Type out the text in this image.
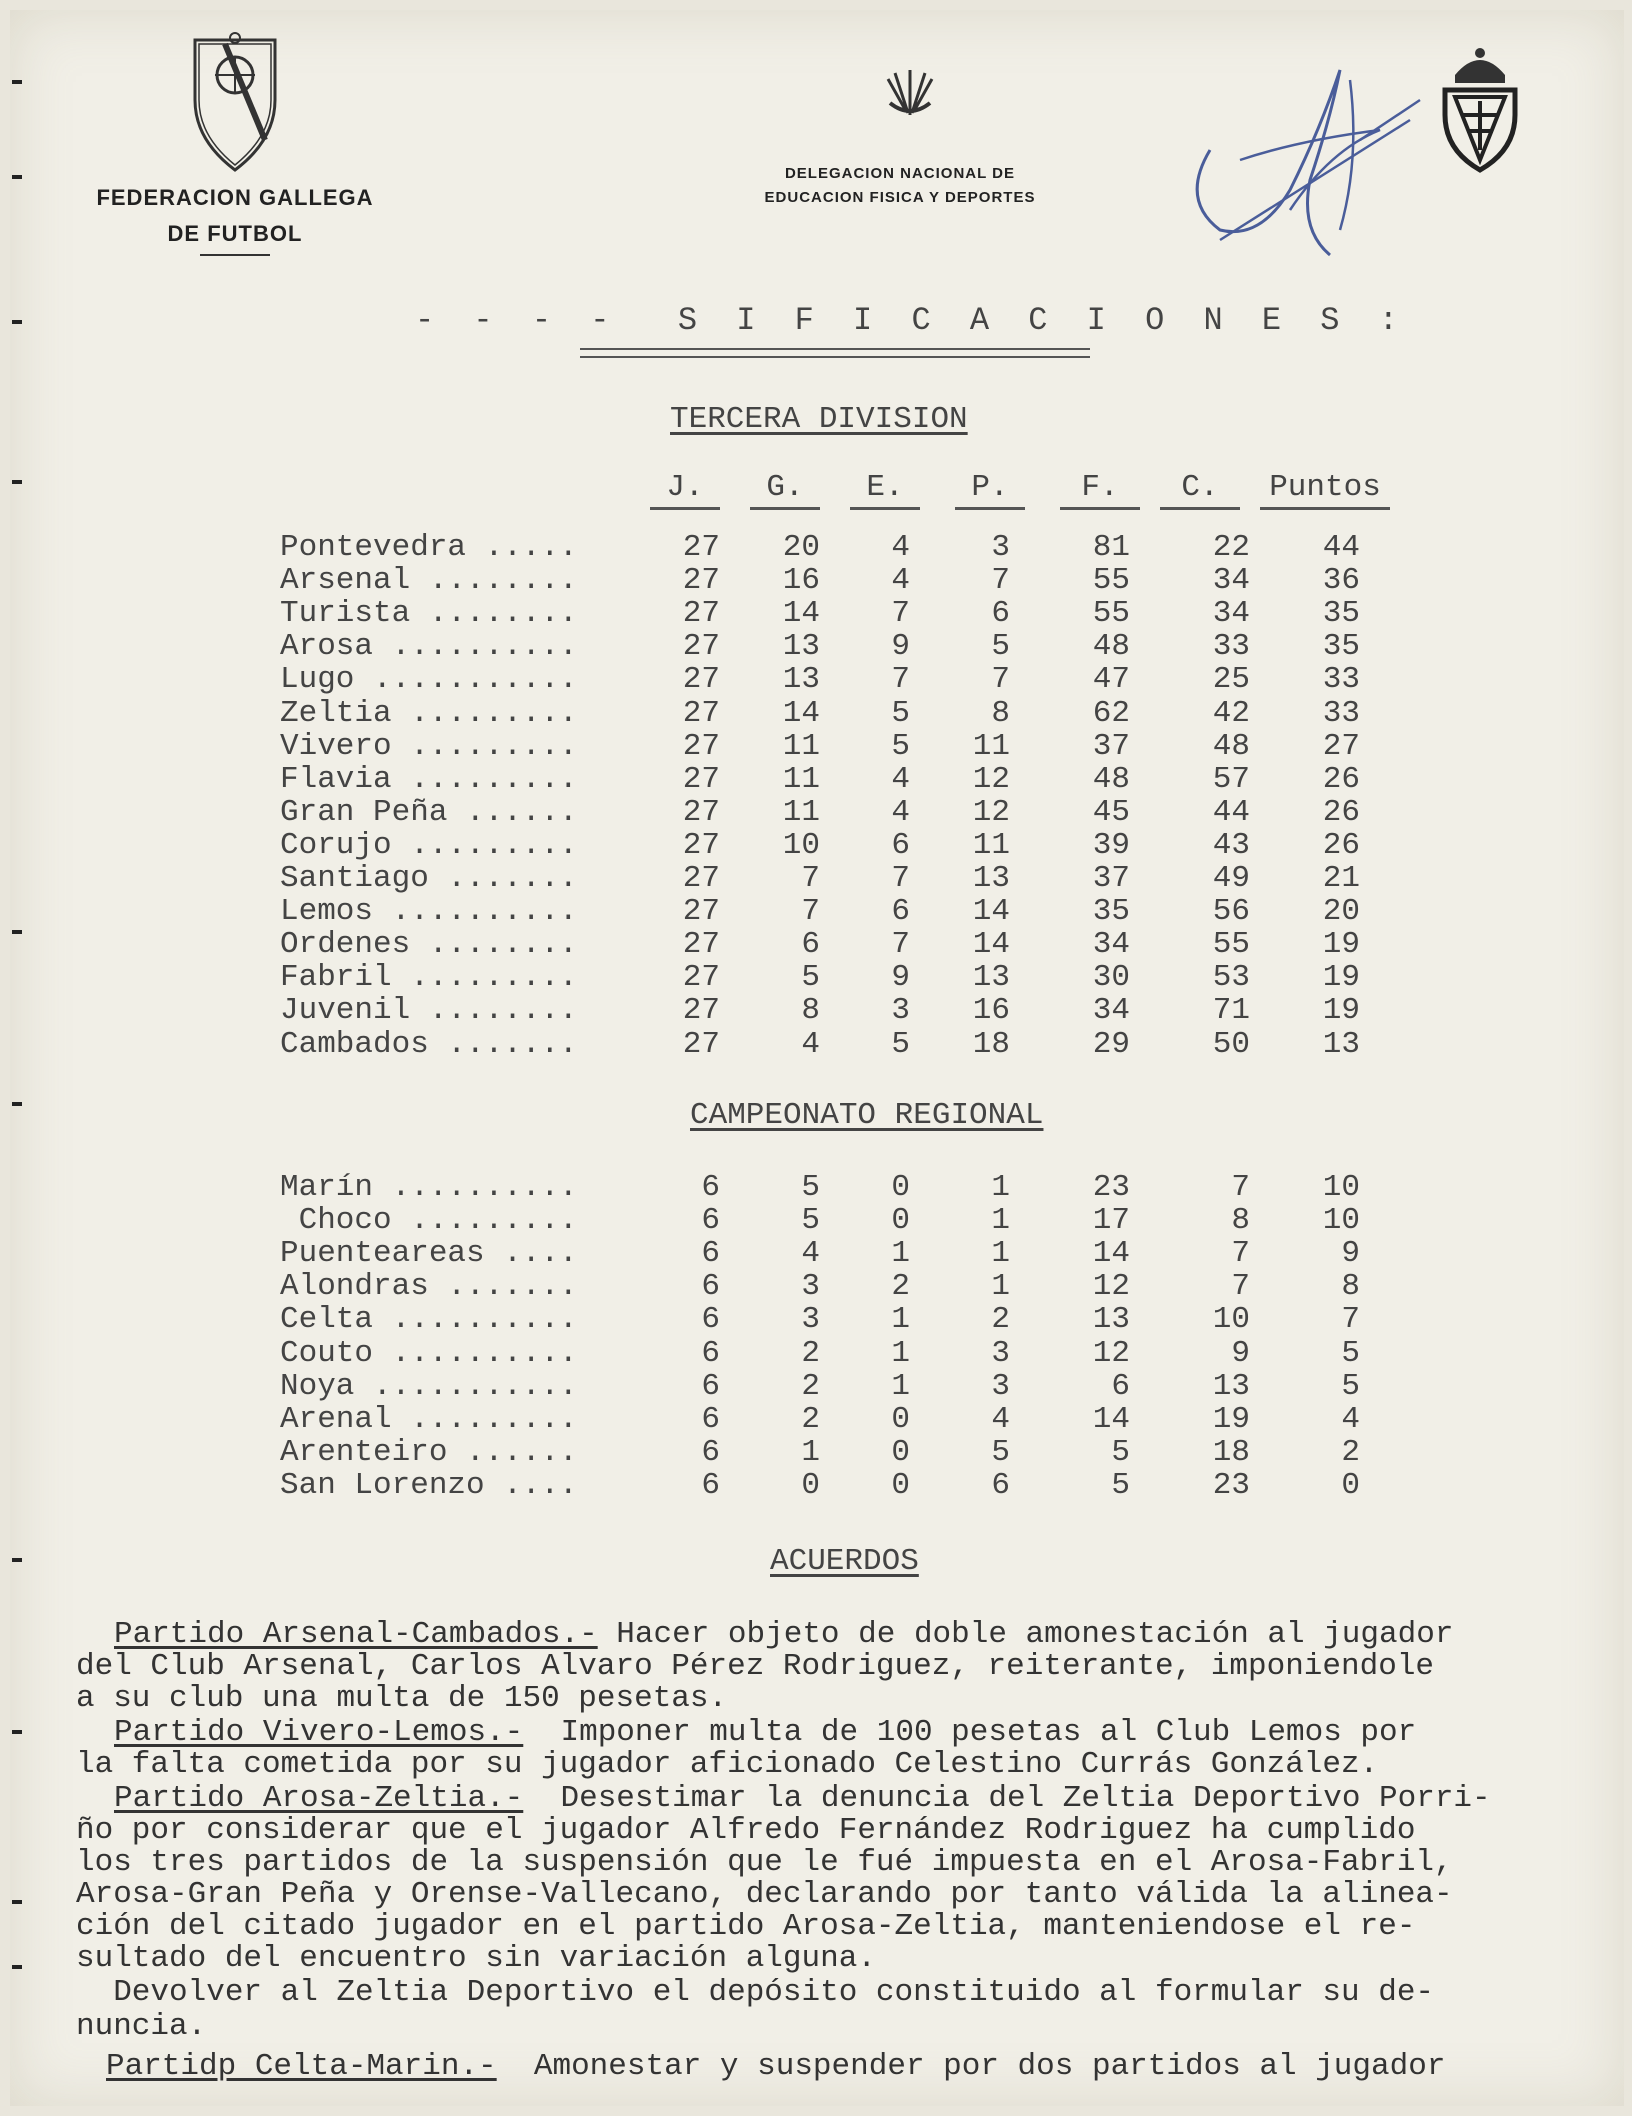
FEDERACION GALLEGA
DE FUTBOL
DELEGACION NACIONAL DE
EDUCACION FISICA Y DEPORTES
- - - -  S I F I C A C I O N E S :
TERCERA DIVISION
J.	G.	E.	P.	F.	C.	Puntos
Pontevedra .....	27	20	4	3	81	22	44
Arsenal ........	27	16	4	7	55	34	36
Turista ........	27	14	7	6	55	34	35
Arosa ..........	27	13	9	5	48	33	35
Lugo ...........	27	13	7	7	47	25	33
Zeltia .........	27	14	5	8	62	42	33
Vivero .........	27	11	5	11	37	48	27
Flavia .........	27	11	4	12	48	57	26
Gran Peña ......	27	11	4	12	45	44	26
Corujo .........	27	10	6	11	39	43	26
Santiago .......	27	7	7	13	37	49	21
Lemos ..........	27	7	6	14	35	56	20
Ordenes ........	27	6	7	14	34	55	19
Fabril .........	27	5	9	13	30	53	19
Juvenil ........	27	8	3	16	34	71	19
Cambados .......	27	4	5	18	29	50	13
CAMPEONATO REGIONAL
Marín ..........	6	5	0	1	23	7	10
Choco .........	6	5	0	1	17	8	10
Puenteareas ....	6	4	1	1	14	7	9
Alondras .......	6	3	2	1	12	7	8
Celta ..........	6	3	1	2	13	10	7
Couto ..........	6	2	1	3	12	9	5
Noya ...........	6	2	1	3	6	13	5
Arenal .........	6	2	0	4	14	19	4
Arenteiro ......	6	1	0	5	5	18	2
San Lorenzo ....	6	0	0	6	5	23	0
ACUERDOS
Partido Arsenal-Cambados.- Hacer objeto de doble amonestación al jugador
del Club Arsenal, Carlos Alvaro Pérez Rodriguez, reiterante, imponiendole
a su club una multa de 150 pesetas.
Partido Vivero-Lemos.-  Imponer multa de 100 pesetas al Club Lemos por
la falta cometida por su jugador aficionado Celestino Currás González.
Partido Arosa-Zeltia.-  Desestimar la denuncia del Zeltia Deportivo Porri-
ño por considerar que el jugador Alfredo Fernández Rodriguez ha cumplido
los tres partidos de la suspensión que le fué impuesta en el Arosa-Fabril,
Arosa-Gran Peña y Orense-Vallecano, declarando por tanto válida la alinea-
ción del citado jugador en el partido Arosa-Zeltia, manteniendose el re-
sultado del encuentro sin variación alguna.
Devolver al Zeltia Deportivo el depósito constituido al formular su de-
nuncia.
Partidp Celta-Marin.-  Amonestar y suspender por dos partidos al jugador
